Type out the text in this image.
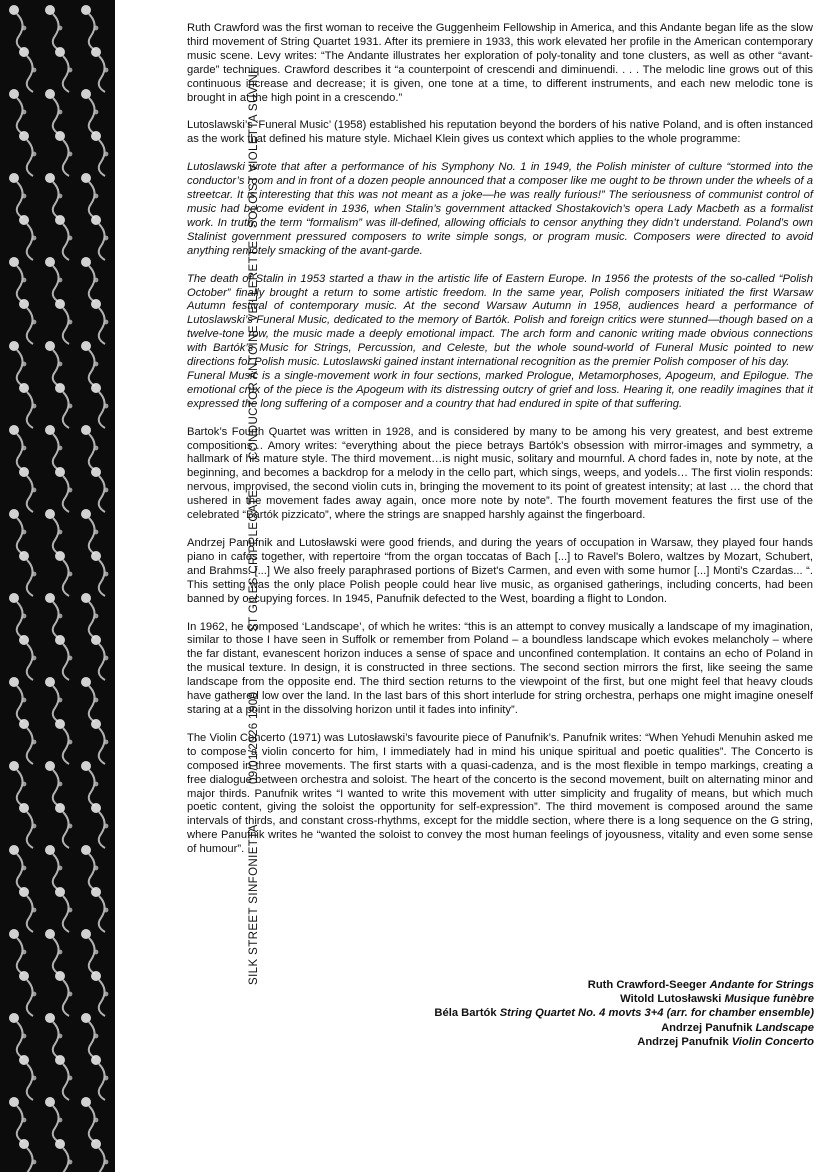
SOLOIST VIOLETTA SUVINI
CONDUCTOR ANTOINE VEILLERETTE
ST GILES CRIPPLEGATE
09/01/2026 1900
SILK STREET SINFONIETTA

Ruth Crawford was the first woman to receive the Guggenheim Fellowship in America, and this Andante began life as the slow third movement of String Quartet 1931. After its premiere in 1933, this work elevated her profile in the American contemporary music scene. Levy writes: “The Andante illustrates her exploration of poly-tonality and tone clusters, as well as other “avant-garde” techniques. Crawford describes it “a counterpoint of crescendi and diminuendi. . . . The melodic line grows out of this continuous increase and decrease; it is given, one tone at a time, to different instruments, and each new melodic tone is brought in at the high point in a crescendo.”

Lutoslawski’s ‘Funeral Music’ (1958) established his reputation beyond the borders of his native Poland, and is often instanced as the work that defined his mature style. Michael Klein gives us context which applies to the whole programme:

Lutoslawski wrote that after a performance of his Symphony No. 1 in 1949, the Polish minister of culture “stormed into the conductor’s room and in front of a dozen people announced that a composer like me ought to be thrown under the wheels of a streetcar. It is interesting that this was not meant as a joke—he was really furious!” The seriousness of communist control of music had become evident in 1936, when Stalin’s government attacked Shostakovich’s opera Lady Macbeth as a formalist work. In truth, the term “formalism” was ill-defined, allowing officials to censor anything they didn’t understand. Poland’s own Stalinist government pressured composers to write simple songs, or program music. Composers were directed to avoid anything remotely smacking of the avant-garde.

The death of Stalin in 1953 started a thaw in the artistic life of Eastern Europe. In 1956 the protests of the so-called “Polish October” finally brought a return to some artistic freedom. In the same year, Polish composers initiated the first Warsaw Autumn festival of contemporary music. At the second Warsaw Autumn in 1958, audiences heard a performance of Lutoslawski’s Funeral Music, dedicated to the memory of Bartók. Polish and foreign critics were stunned—though based on a twelve-tone row, the music made a deeply emotional impact. The arch form and canonic writing made obvious connections with Bartók’s Music for Strings, Percussion, and Celeste, but the whole sound-world of Funeral Music pointed to new directions for Polish music. Lutoslawski gained instant international recognition as the premier Polish composer of his day.

Funeral Music is a single-movement work in four sections, marked Prologue, Metamorphoses, Apogeum, and Epilogue. The emotional crux of the piece is the Apogeum with its distressing outcry of grief and loss. Hearing it, one readily imagines that it expressed the long suffering of a composer and a country that had endured in spite of that suffering.

Bartok’s Fourth Quartet was written in 1928, and is considered by many to be among his very greatest, and best extreme compositions… Amory writes: “everything about the piece betrays Bartók’s obsession with mirror-images and symmetry, a hallmark of his mature style. The third movement…is night music, solitary and mournful. A chord fades in, note by note, at the beginning, and becomes a backdrop for a melody in the cello part, which sings, weeps, and yodels… The first violin responds: nervous, improvised, the second violin cuts in, bringing the movement to its point of greatest intensity; at last … the chord that ushered in the movement fades away again, once more note by note”. The fourth movement features the first use of the celebrated “Bartók pizzicato”, where the strings are snapped harshly against the fingerboard.

Andrzej Panufnik and Lutosławski were good friends, and during the years of occupation in Warsaw, they played four hands piano in cafés together, with repertoire “from the organ toccatas of Bach [...] to Ravel's Bolero, waltzes by Mozart, Schubert, and Brahms. [...] We also freely paraphrased portions of Bizet's Carmen, and even with some humor [...] Monti's Czardas... “. This setting was the only place Polish people could hear live music, as organised gatherings, including concerts, had been banned by occupying forces. In 1945, Panufnik defected to the West, boarding a flight to London.

In 1962, he composed ‘Landscape’, of which he writes: “this is an attempt to convey musically a landscape of my imagination, similar to those I have seen in Suffolk or remember from Poland – a boundless landscape which evokes melancholy – where the far distant, evanescent horizon induces a sense of space and unconfined contemplation. It contains an echo of Poland in the musical texture. In design, it is constructed in three sections. The second section mirrors the first, like seeing the same landscape from the opposite end. The third section returns to the viewpoint of the first, but one might feel that heavy clouds have gathered low over the land. In the last bars of this short interlude for string orchestra, perhaps one might imagine oneself staring at a point in the dissolving horizon until it fades into infinity”.

The Violin Concerto (1971) was Lutosławski’s favourite piece of Panufnik’s. Panufnik writes: “When Yehudi Menuhin asked me to compose a violin concerto for him, I immediately had in mind his unique spiritual and poetic qualities”. The Concerto is composed in three movements. The first starts with a quasi-cadenza, and is the most flexible in tempo markings, creating a free dialogue between orchestra and soloist. The heart of the concerto is the second movement, built on alternating minor and major thirds. Panufnik writes “I wanted to write this movement with utter simplicity and frugality of means, but which much poetic content, giving the soloist the opportunity for self-expression”. The third movement is composed around the same intervals of thirds, and constant cross-rhythms, except for the middle section, where there is a long sequence on the G string, where Panufnik writes he “wanted the soloist to convey the most human feelings of joyousness, vitality and even some sense of humour”.

Ruth Crawford-Seeger Andante for Strings
Witold Lutosławski Musique funèbre
Béla Bartók String Quartet No. 4 movts 3+4 (arr. for chamber ensemble)
Andrzej Panufnik Landscape
Andrzej Panufnik Violin Concerto
